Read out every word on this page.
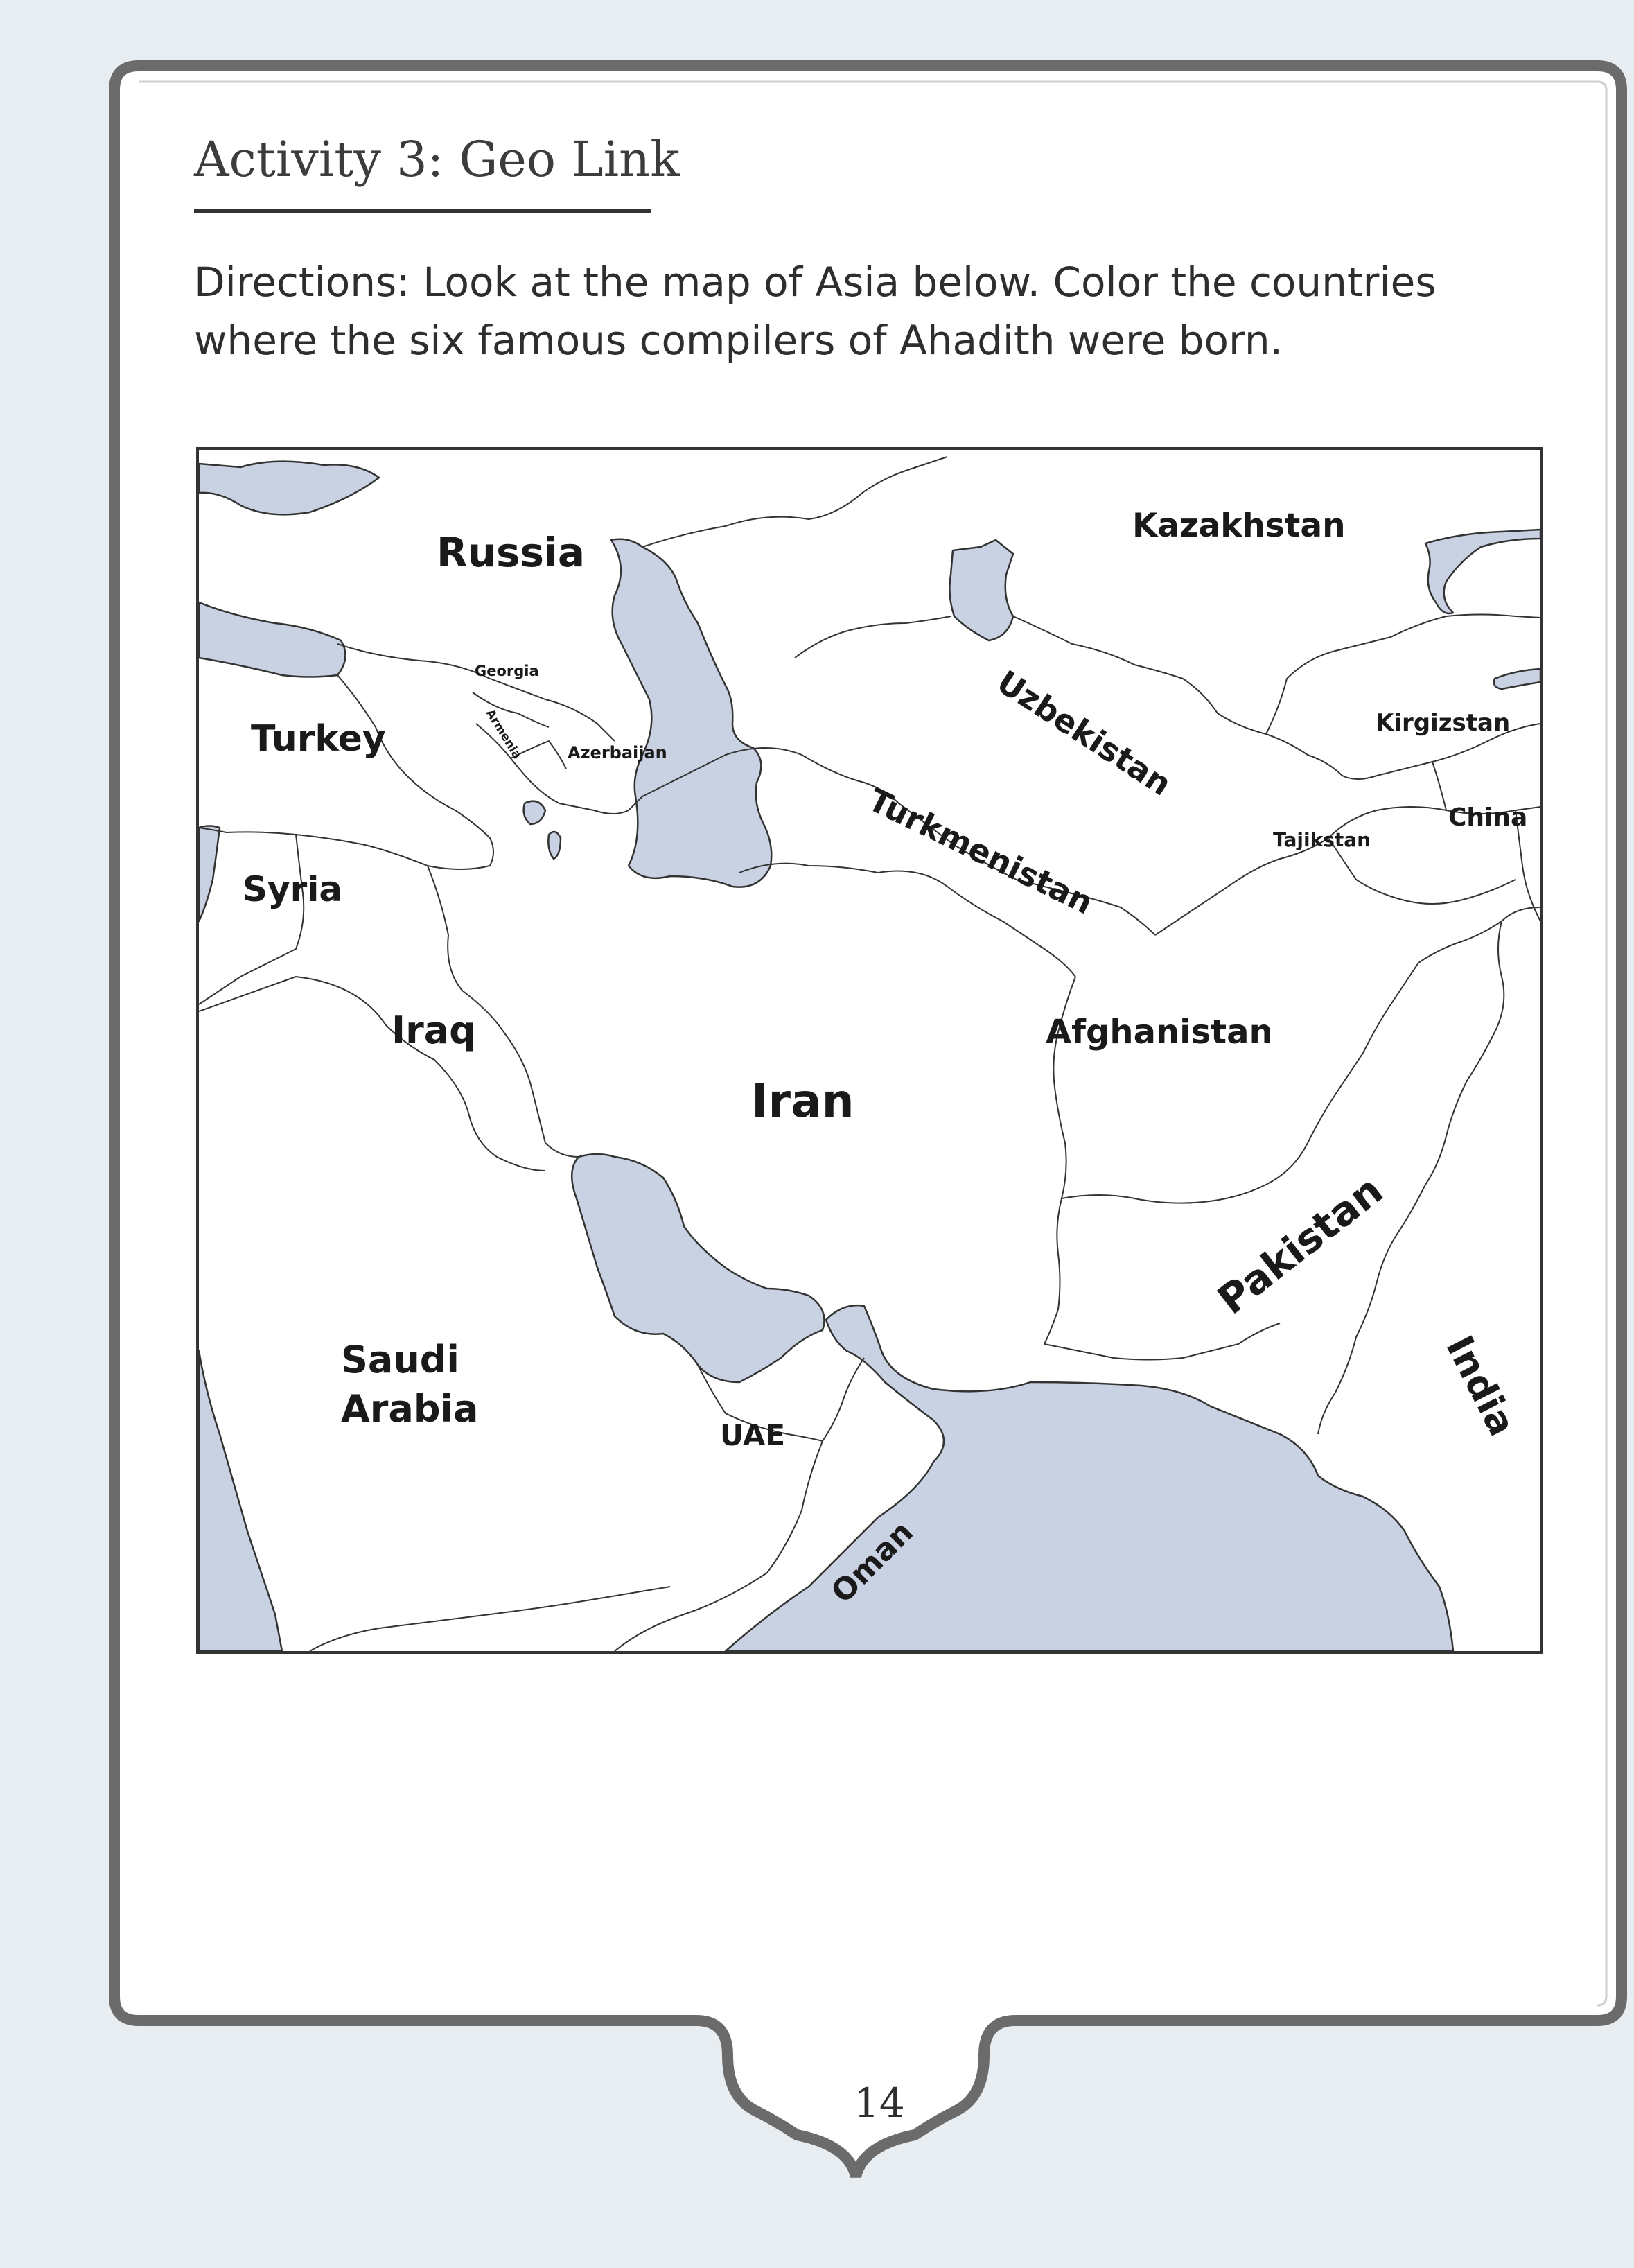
Activity 3: Geo Link

Directions: Look at the map of Asia below. Color the countries
where the six famous compilers of Ahadith were born.

Russia
Kazakhstan
Georgia
Armenia	Azerbaijan
Turkey	Uzbekistan	Kirgizstan
Turkmenistan	Tajikstan
China
Syria
Iraq	Afghanistan
Iran
Pakistan
Saudi
Arabia	India
UAE
Oman
14
